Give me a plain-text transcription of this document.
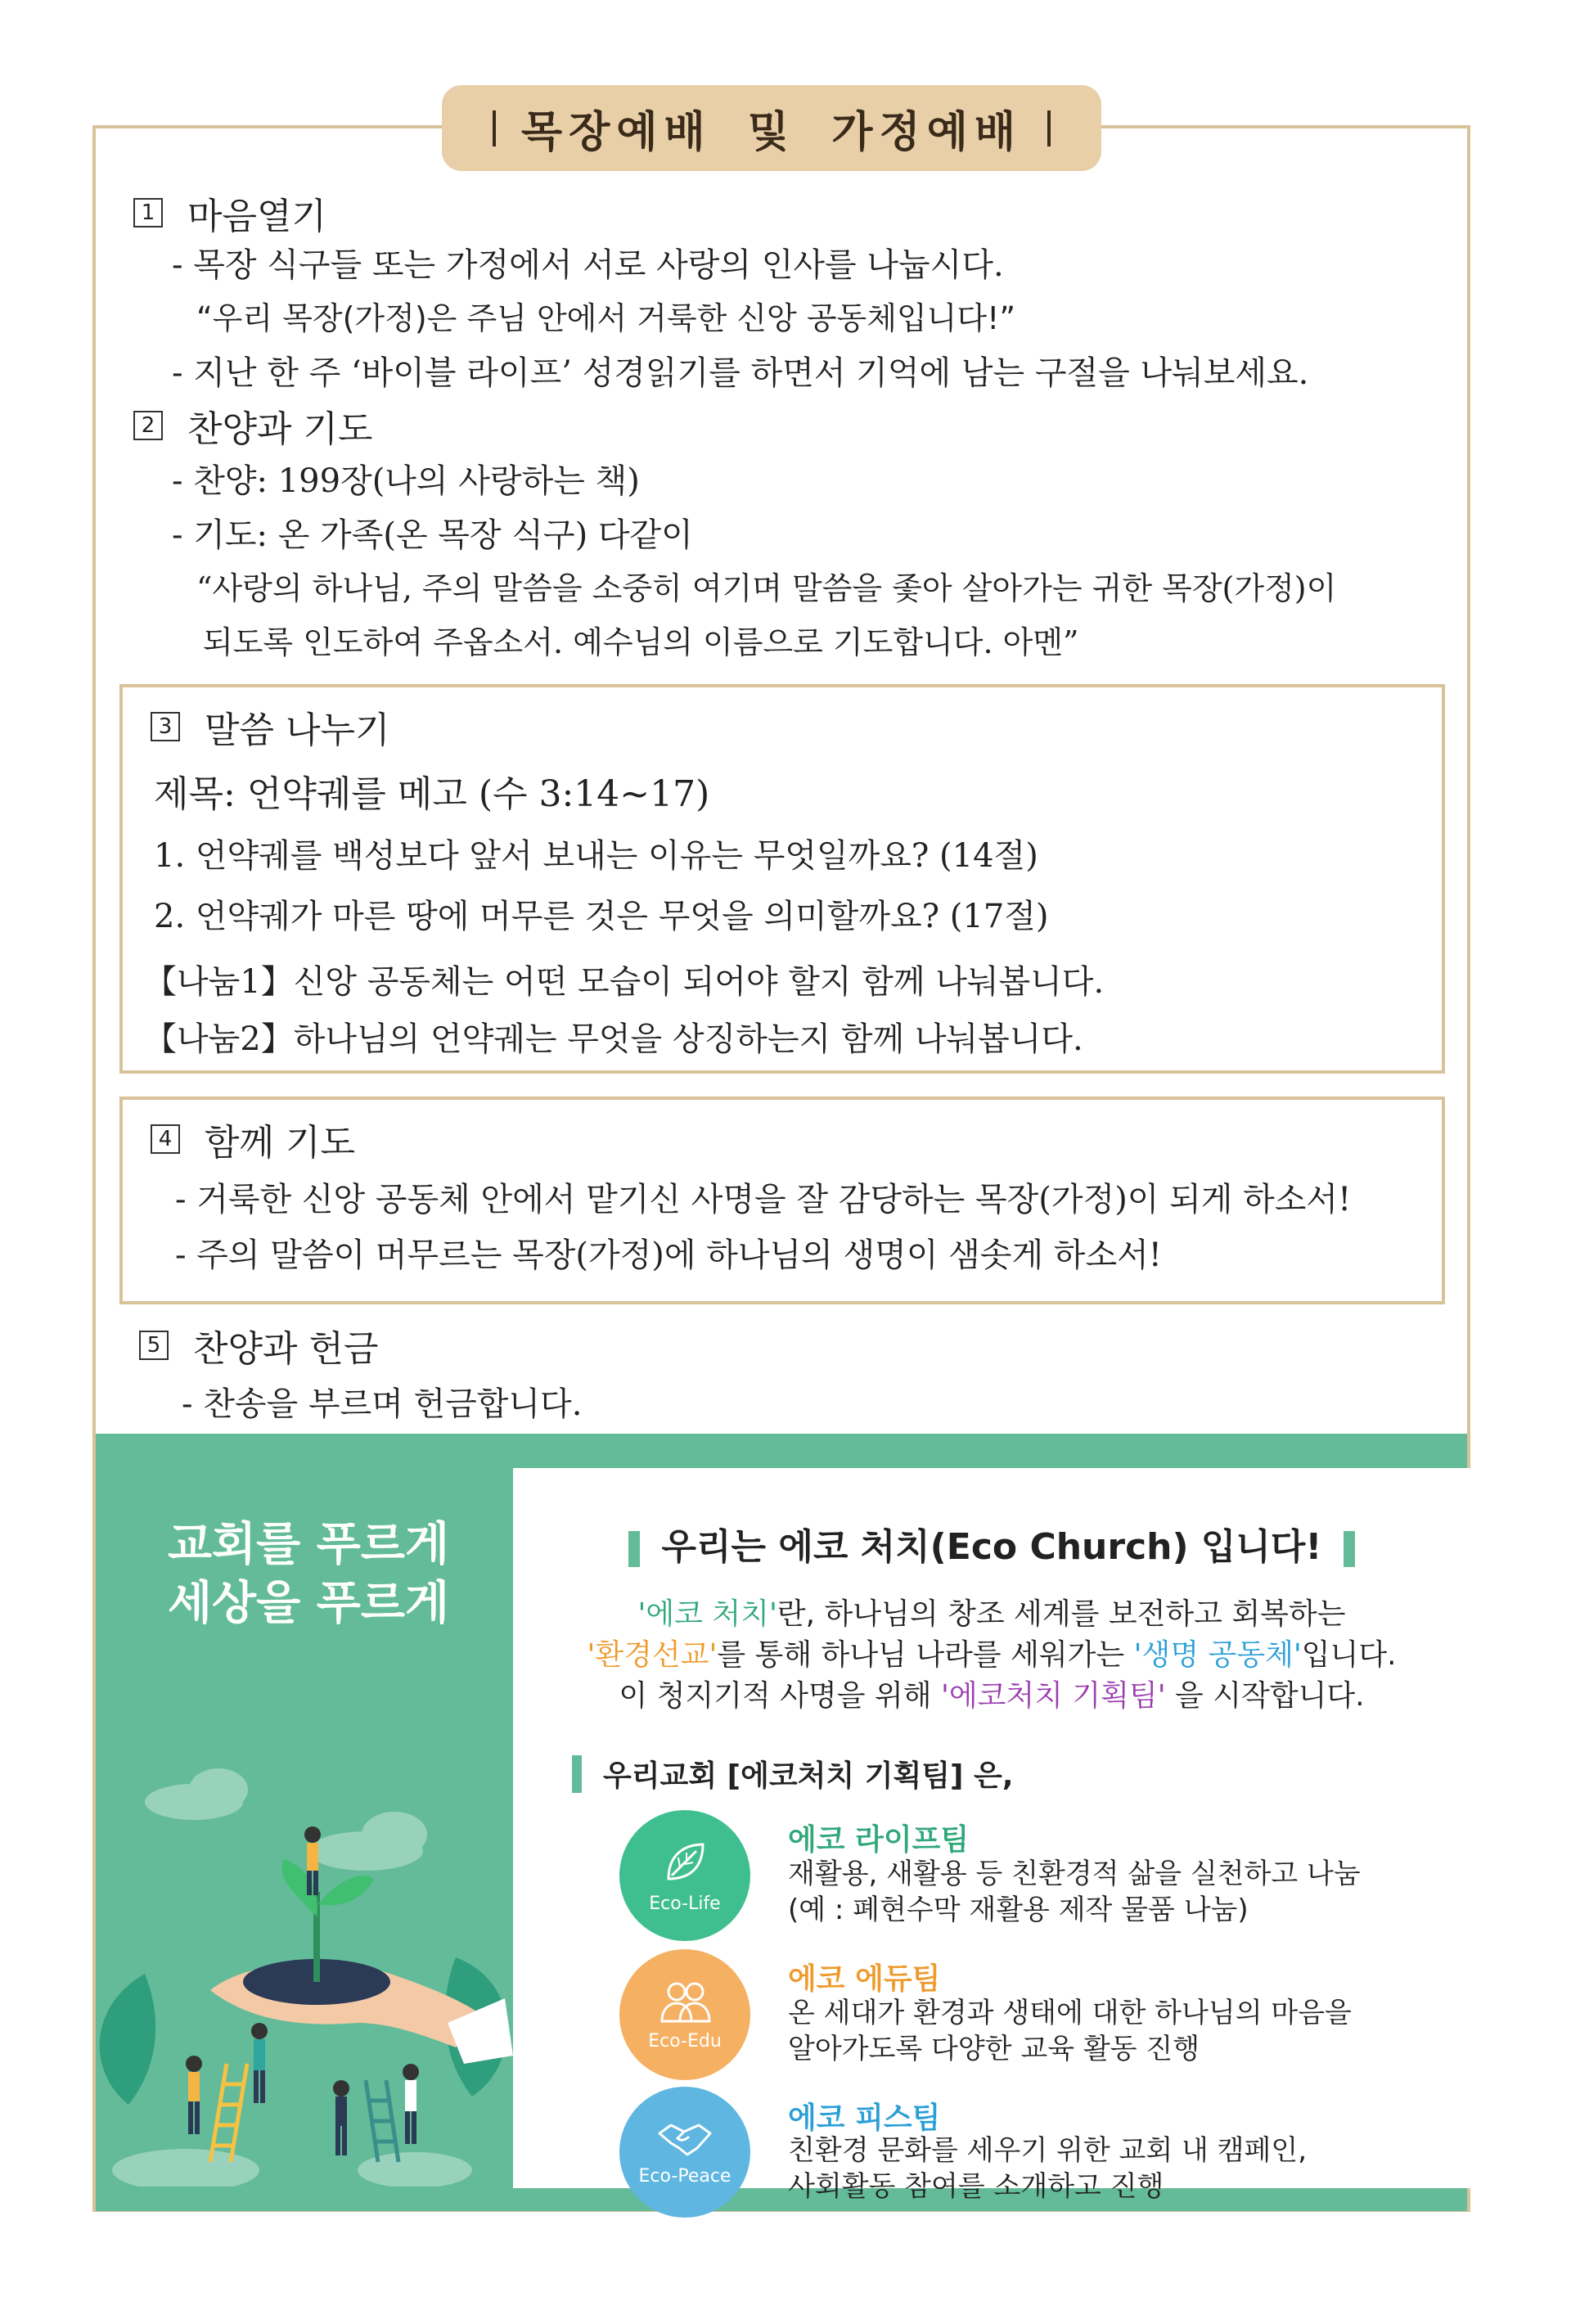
목장예배 및 가정예배
1 마음열기
- 목장 식구들 또는 가정에서 서로 사랑의 인사를 나눕시다.
“우리 목장(가정)은 주님 안에서 거룩한 신앙 공동체입니다!”
- 지난 한 주 ‘바이블 라이프’ 성경읽기를 하면서 기억에 남는 구절을 나눠보세요.
2 찬양과 기도
- 찬양: 199장(나의 사랑하는 책)
- 기도: 온 가족(온 목장 식구) 다같이
“사랑의 하나님, 주의 말씀을 소중히 여기며 말씀을 좇아 살아가는 귀한 목장(가정)이
되도록 인도하여 주옵소서. 예수님의 이름으로 기도합니다. 아멘”
3 말씀 나누기
제목: 언약궤를 메고 (수 3:14~17)
1. 언약궤를 백성보다 앞서 보내는 이유는 무엇일까요? (14절)
2. 언약궤가 마른 땅에 머무른 것은 무엇을 의미할까요? (17절)
【나눔1】신앙 공동체는 어떤 모습이 되어야 할지 함께 나눠봅니다.
【나눔2】하나님의 언약궤는 무엇을 상징하는지 함께 나눠봅니다.
4 함께 기도
- 거룩한 신앙 공동체 안에서 맡기신 사명을 잘 감당하는 목장(가정)이 되게 하소서!
- 주의 말씀이 머무르는 목장(가정)에 하나님의 생명이 샘솟게 하소서!
5 찬양과 헌금
- 찬송을 부르며 헌금합니다.
교회를 푸르게
세상을 푸르게
우리는 에코 처치(Eco Church) 입니다!
'에코 처치'란, 하나님의 창조 세계를 보전하고 회복하는
'환경선교'를 통해 하나님 나라를 세워가는 '생명 공동체'입니다.
이 청지기적 사명을 위해 '에코처치 기획팀' 을 시작합니다.
우리교회 [에코처치 기획팀] 은,
Eco-Life
에코 라이프팀
재활용, 새활용 등 친환경적 삶을 실천하고 나눔
(예 : 폐현수막 재활용 제작 물품 나눔)
Eco-Edu
에코 에듀팀
온 세대가 환경과 생태에 대한 하나님의 마음을
알아가도록 다양한 교육 활동 진행
Eco-Peace
에코 피스팀
친환경 문화를 세우기 위한 교회 내 캠페인,
사회활동 참여를 소개하고 진행
